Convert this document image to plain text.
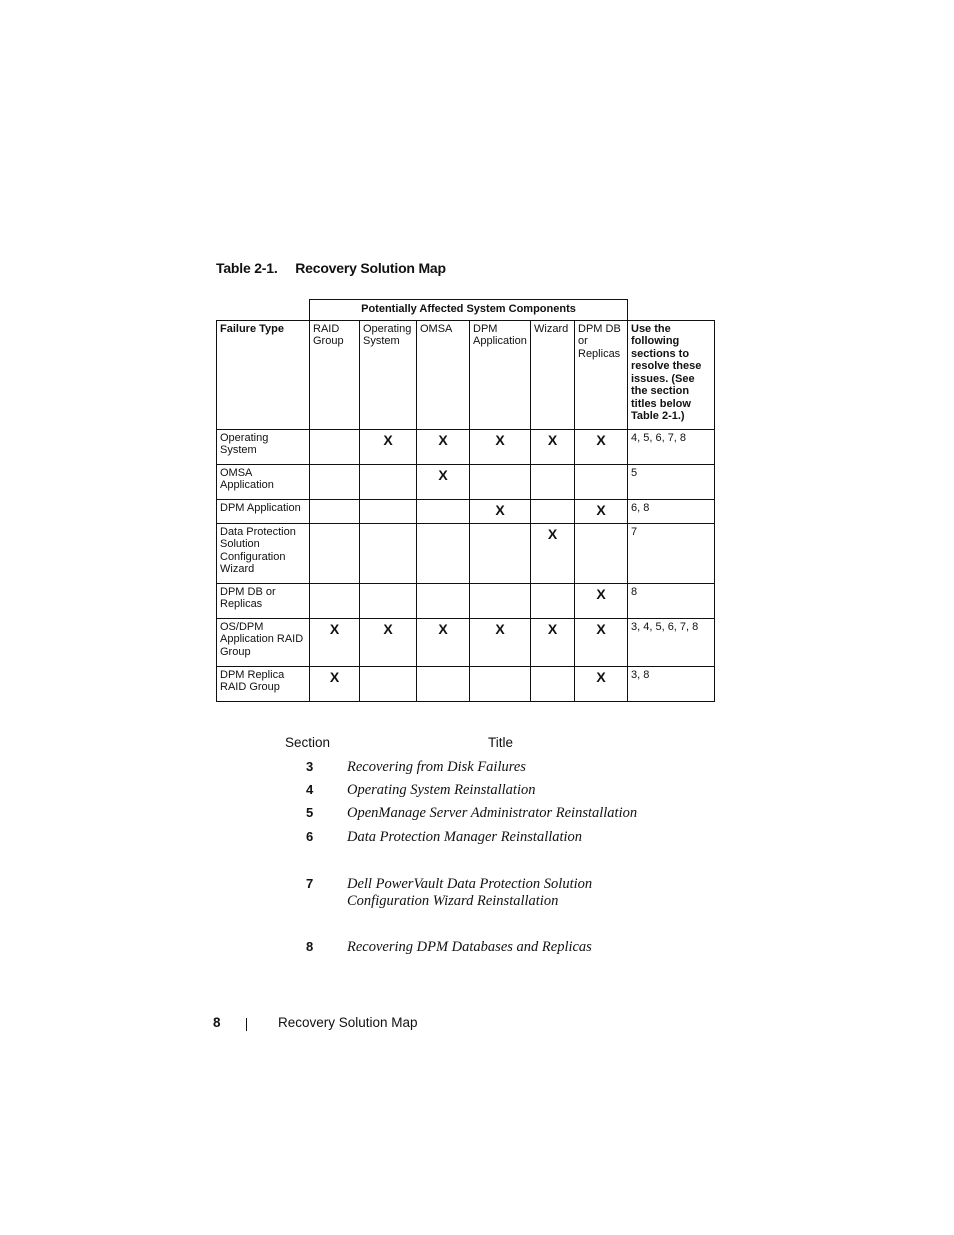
Table 2-1. Recovery Solution Map
	Potentially Affected System Components						
Failure Type	RAID Group	Operating System	OMSA	DPM Application	Wizard	DPM DB or Replicas	Use the following sections to resolve these issues. (See the section titles below Table 2-1.)
Operating System		X	X	X	X	X	4, 5, 6, 7, 8
OMSA Application			X				5
DPM Application				X		X	6, 8
Data Protection Solution Configuration Wizard					X		7
DPM DB or Replicas						X	8
OS/DPM Application RAID Group	X	X	X	X	X	X	3, 4, 5, 6, 7, 8
DPM Replica RAID Group	X					X	3, 8
Section	Title
3 Recovering from Disk Failures
4 Operating System Reinstallation
5 OpenManage Server Administrator Reinstallation
6 Data Protection Manager Reinstallation
7 Dell PowerVault Data Protection Solution Configuration Wizard Reinstallation
8 Recovering DPM Databases and Replicas
8	Recovery Solution Map
